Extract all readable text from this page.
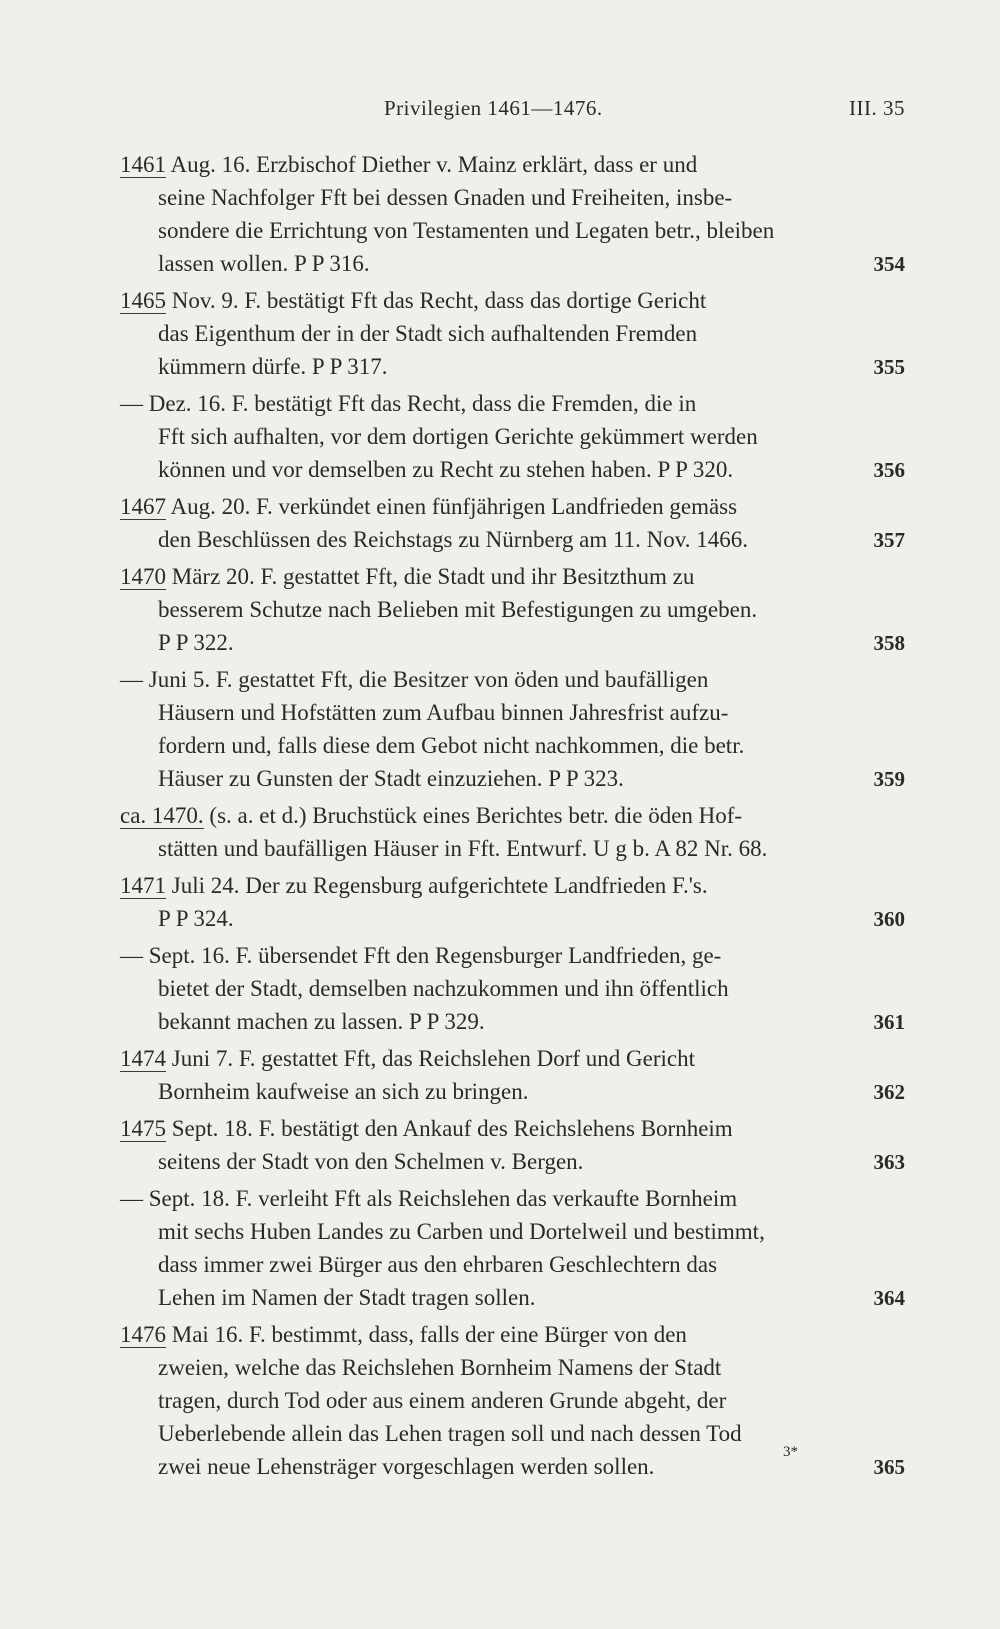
Privilegien 1461—1476.	III. 35
1461 Aug. 16. Erzbischof Diether v. Mainz erklärt, dass er und
seine Nachfolger Fft bei dessen Gnaden und Freiheiten, insbe-
sondere die Errichtung von Testamenten und Legaten betr., bleiben
lassen wollen. P P 316.	354
1465 Nov. 9. F. bestätigt Fft das Recht, dass das dortige Gericht
das Eigenthum der in der Stadt sich aufhaltenden Fremden
kümmern dürfe. P P 317.	355
— Dez. 16. F. bestätigt Fft das Recht, dass die Fremden, die in
Fft sich aufhalten, vor dem dortigen Gerichte gekümmert werden
können und vor demselben zu Recht zu stehen haben. P P 320.	356
1467 Aug. 20. F. verkündet einen fünfjährigen Landfrieden gemäss
den Beschlüssen des Reichstags zu Nürnberg am 11. Nov. 1466.	357
1470 März 20. F. gestattet Fft, die Stadt und ihr Besitzthum zu
besserem Schutze nach Belieben mit Befestigungen zu umgeben.
P P 322.	358
— Juni 5. F. gestattet Fft, die Besitzer von öden und baufälligen
Häusern und Hofstätten zum Aufbau binnen Jahresfrist aufzu-
fordern und, falls diese dem Gebot nicht nachkommen, die betr.
Häuser zu Gunsten der Stadt einzuziehen. P P 323.	359
ca. 1470. (s. a. et d.) Bruchstück eines Berichtes betr. die öden Hof-
stätten und baufälligen Häuser in Fft. Entwurf. U g b. A 82 Nr. 68.
1471 Juli 24. Der zu Regensburg aufgerichtete Landfrieden F.'s.
P P 324.	360
— Sept. 16. F. übersendet Fft den Regensburger Landfrieden, ge-
bietet der Stadt, demselben nachzukommen und ihn öffentlich
bekannt machen zu lassen. P P 329.	361
1474 Juni 7. F. gestattet Fft, das Reichslehen Dorf und Gericht
Bornheim kaufweise an sich zu bringen.	362
1475 Sept. 18. F. bestätigt den Ankauf des Reichslehens Bornheim
seitens der Stadt von den Schelmen v. Bergen.	363
— Sept. 18. F. verleiht Fft als Reichslehen das verkaufte Bornheim
mit sechs Huben Landes zu Carben und Dortelweil und bestimmt,
dass immer zwei Bürger aus den ehrbaren Geschlechtern das
Lehen im Namen der Stadt tragen sollen.	364
1476 Mai 16. F. bestimmt, dass, falls der eine Bürger von den
zweien, welche das Reichslehen Bornheim Namens der Stadt
tragen, durch Tod oder aus einem anderen Grunde abgeht, der
Ueberlebende allein das Lehen tragen soll und nach dessen Tod
zwei neue Lehensträger vorgeschlagen werden sollen.	365
3*
